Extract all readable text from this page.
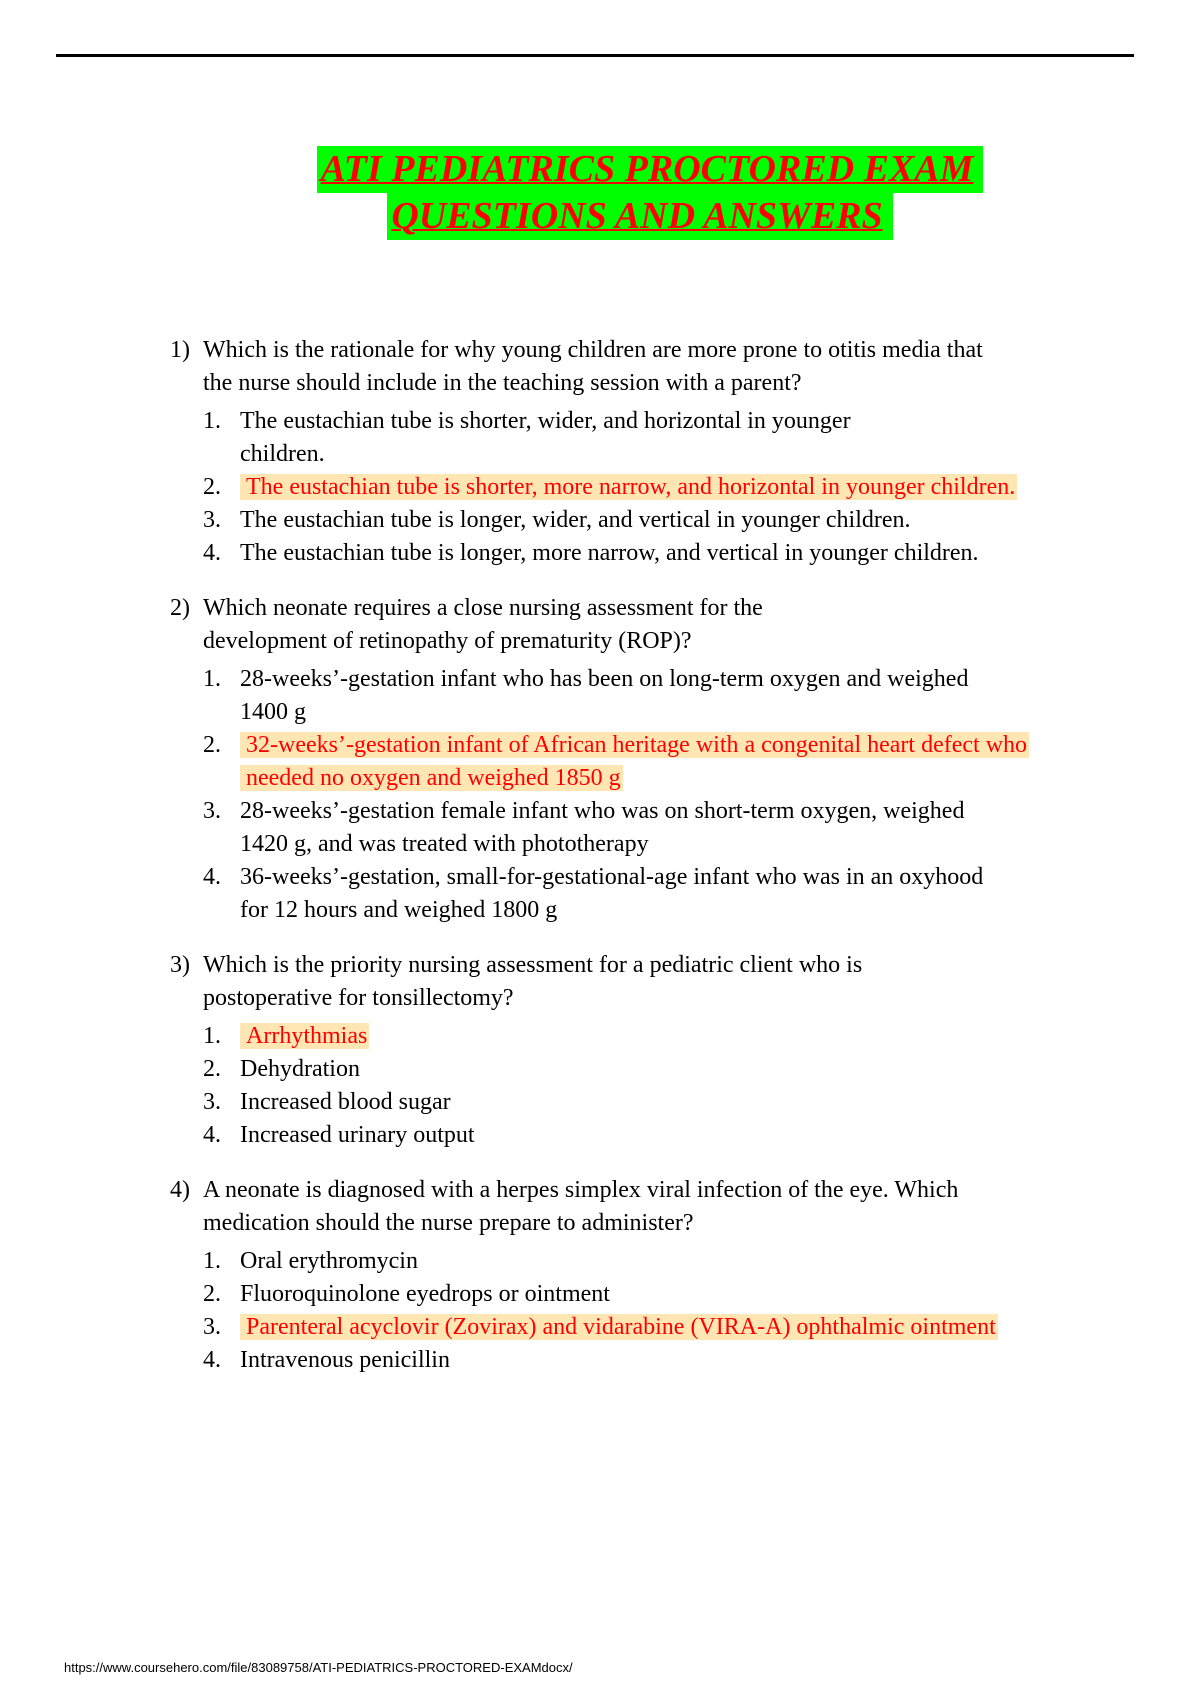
ATI PEDIATRICS PROCTORED EXAM
QUESTIONS AND ANSWERS
1) Which is the rationale for why young children are more prone to otitis media that the nurse should include in the teaching session with a parent?
1. The eustachian tube is shorter, wider, and horizontal in younger children.
2. The eustachian tube is shorter, more narrow, and horizontal in younger children.
3. The eustachian tube is longer, wider, and vertical in younger children.
4. The eustachian tube is longer, more narrow, and vertical in younger children.
2) Which neonate requires a close nursing assessment for the development of retinopathy of prematurity (ROP)?
1. 28-weeks’-gestation infant who has been on long-term oxygen and weighed 1400 g
2. 32-weeks’-gestation infant of African heritage with a congenital heart defect who
needed no oxygen and weighed 1850 g
3. 28-weeks’-gestation female infant who was on short-term oxygen, weighed 1420 g, and was treated with phototherapy
4. 36-weeks’-gestation, small-for-gestational-age infant who was in an oxyhood for 12 hours and weighed 1800 g
3) Which is the priority nursing assessment for a pediatric client who is postoperative for tonsillectomy?
1. Arrhythmias
2. Dehydration
3. Increased blood sugar
4. Increased urinary output
4) A neonate is diagnosed with a herpes simplex viral infection of the eye. Which medication should the nurse prepare to administer?
1. Oral erythromycin
2. Fluoroquinolone eyedrops or ointment
3. Parenteral acyclovir (Zovirax) and vidarabine (VIRA-A) ophthalmic ointment
4. Intravenous penicillin
https://www.coursehero.com/file/83089758/ATI-PEDIATRICS-PROCTORED-EXAMdocx/
